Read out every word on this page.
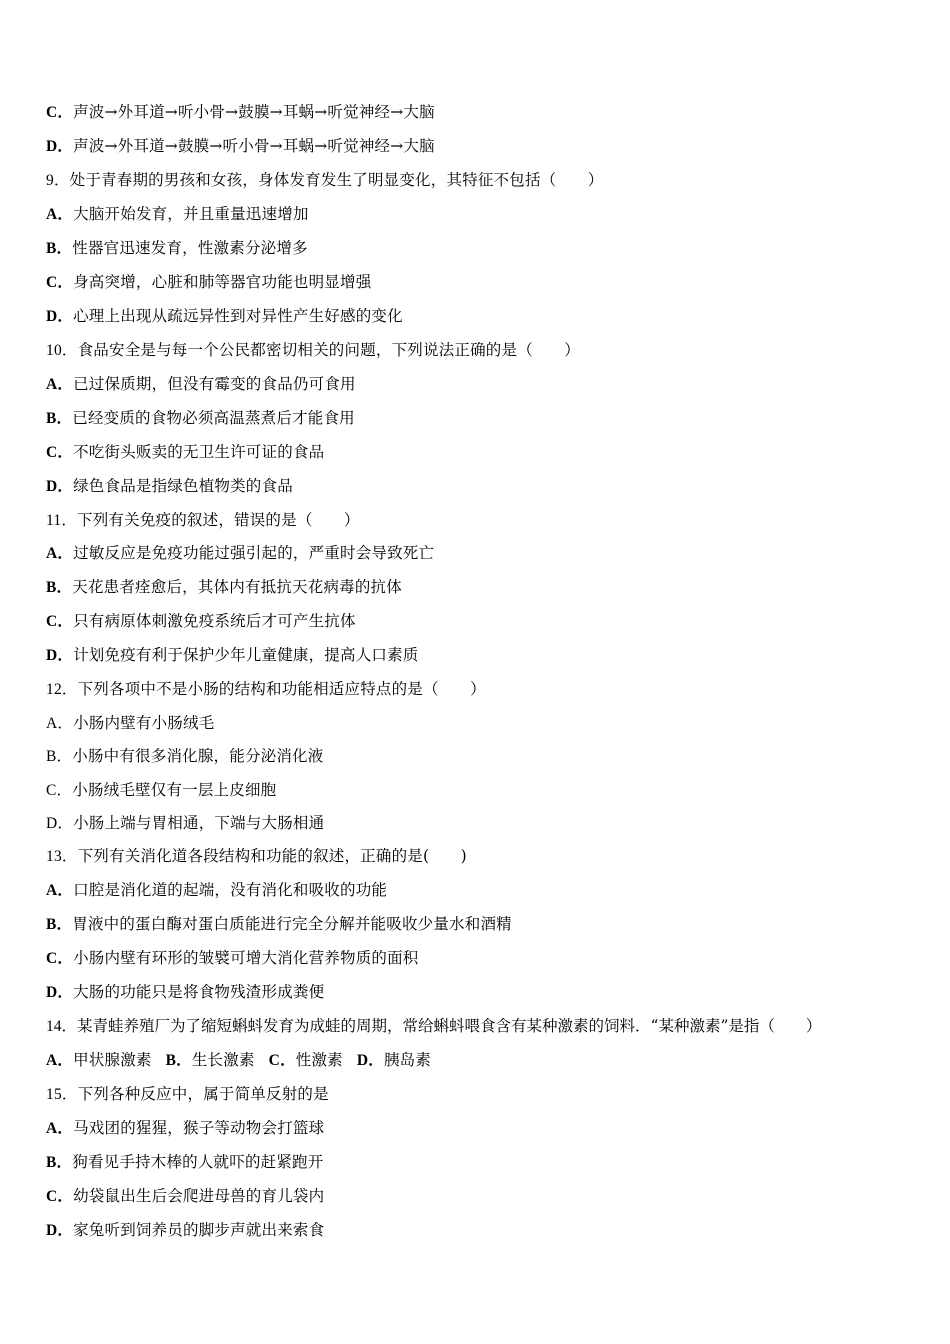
C．声波→外耳道→听小骨→鼓膜→耳蜗→听觉神经→大脑
D．声波→外耳道→鼓膜→听小骨→耳蜗→听觉神经→大脑
9．处于青春期的男孩和女孩，身体发育发生了明显变化，其特征不包括（　　）
A．大脑开始发育，并且重量迅速增加
B．性器官迅速发育，性激素分泌增多
C．身高突增，心脏和肺等器官功能也明显增强
D．心理上出现从疏远异性到对异性产生好感的变化
10．食品安全是与每一个公民都密切相关的问题，下列说法正确的是（　　）
A．已过保质期，但没有霉变的食品仍可食用
B．已经变质的食物必须高温蒸煮后才能食用
C．不吃街头贩卖的无卫生许可证的食品
D．绿色食品是指绿色植物类的食品
11．下列有关免疫的叙述，错误的是（　　）
A．过敏反应是免疫功能过强引起的，严重时会导致死亡
B．天花患者痊愈后，其体内有抵抗天花病毒的抗体
C．只有病原体刺激免疫系统后才可产生抗体
D．计划免疫有利于保护少年儿童健康，提高人口素质
12．下列各项中不是小肠的结构和功能相适应特点的是（　　）
A．小肠内壁有小肠绒毛
B．小肠中有很多消化腺，能分泌消化液
C．小肠绒毛壁仅有一层上皮细胞
D．小肠上端与胃相通，下端与大肠相通
13．下列有关消化道各段结构和功能的叙述，正确的是(　　)
A．口腔是消化道的起端，没有消化和吸收的功能
B．胃液中的蛋白酶对蛋白质能进行完全分解并能吸收少量水和酒精
C．小肠内壁有环形的皱襞可增大消化营养物质的面积
D．大肠的功能只是将食物残渣形成粪便
14．某青蛙养殖厂为了缩短蝌蚪发育为成蛙的周期，常给蝌蚪喂食含有某种激素的饲料．“某种激素”是指（　　）
A．甲状腺激素 B．生长激素 C．性激素 D．胰岛素
15．下列各种反应中，属于简单反射的是
A．马戏团的猩猩，猴子等动物会打篮球
B．狗看见手持木棒的人就吓的赶紧跑开
C．幼袋鼠出生后会爬进母兽的育儿袋内
D．家兔听到饲养员的脚步声就出来索食
